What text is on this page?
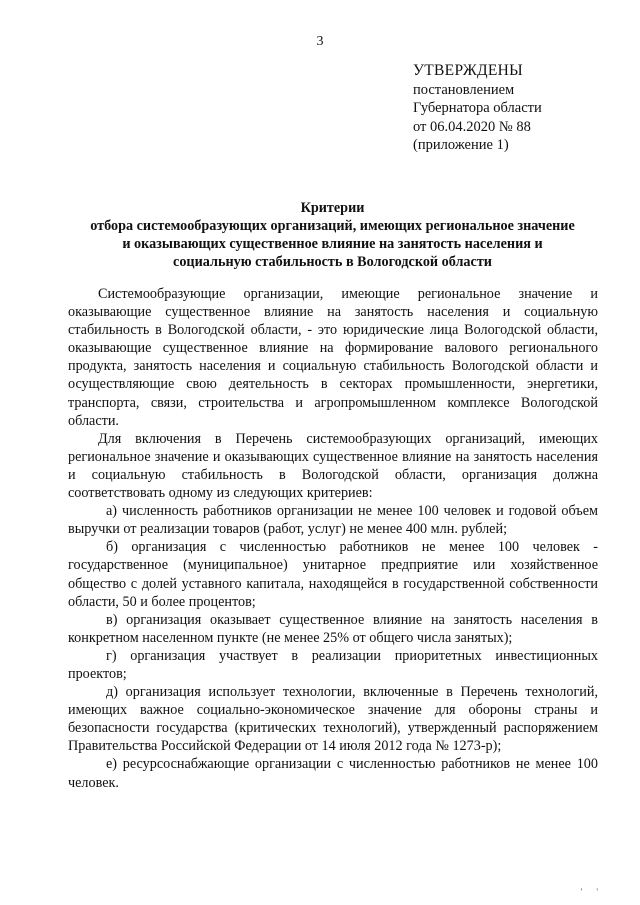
3
УТВЕРЖДЕНЫ
постановлением
Губернатора области
от 06.04.2020 № 88
(приложение 1)
Критерии
отбора системообразующих организаций, имеющих региональное значение
и оказывающих существенное влияние на занятость населения и
социальную стабильность в Вологодской области

Системообразующие организации, имеющие региональное значение и оказывающие существенное влияние на занятость населения и социальную стабильность в Вологодской области, - это юридические лица Вологодской области, оказывающие существенное влияние на формирование валового регионального продукта, занятость населения и социальную стабильность Вологодской области и осуществляющие свою деятельность в секторах промышленности, энергетики, транспорта, связи, строительства и агропромышленном комплексе Вологодской области.

Для включения в Перечень системообразующих организаций, имеющих региональное значение и оказывающих существенное влияние на занятость населения и социальную стабильность в Вологодской области, организация должна соответствовать одному из следующих критериев:

а) численность работников организации не менее 100 человек и годовой объем выручки от реализации товаров (работ, услуг) не менее 400 млн. рублей;

б) организация с численностью работников не менее 100 человек - государственное (муниципальное) унитарное предприятие или хозяйственное общество с долей уставного капитала, находящейся в государственной собственности области, 50 и более процентов;

в) организация оказывает существенное влияние на занятость населения в конкретном населенном пункте (не менее 25% от общего числа занятых);

г) организация участвует в реализации приоритетных инвестиционных проектов;

д) организация использует технологии, включенные в Перечень технологий, имеющих важное социально-экономическое значение для обороны страны и безопасности государства (критических технологий), утвержденный распоряжением Правительства Российской Федерации от 14 июля 2012 года № 1273-р);

е) ресурсоснабжающие организации с численностью работников не менее 100 человек.

' '
